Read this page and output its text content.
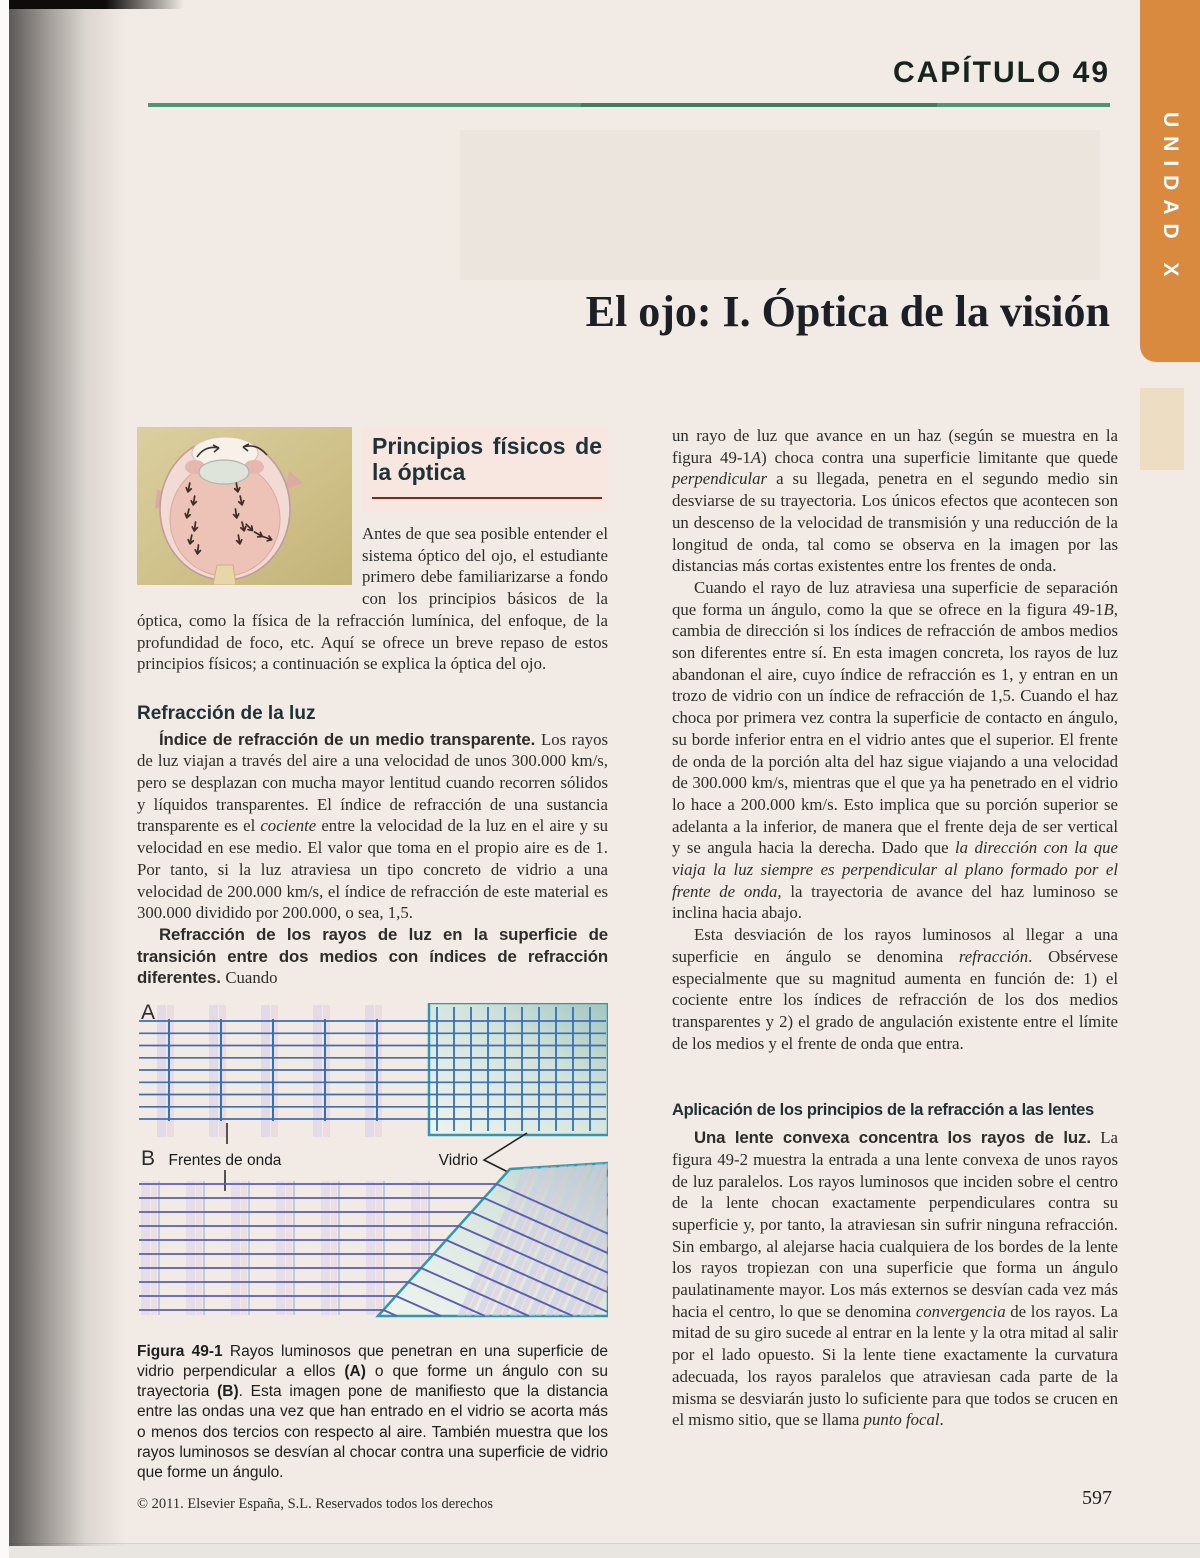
CAPÍTULO 49
El ojo: I. Óptica de la visión
UNIDAD X
Principios físicos de la óptica

Antes de que sea posible entender el sistema óptico del ojo, el estudiante primero debe familiarizarse a fondo con los principios básicos de la óptica, como la física de la refracción lumínica, del enfoque, de la profundidad de foco, etc. Aquí se ofrece un breve repaso de estos principios físicos; a continuación se explica la óptica del ojo.

Refracción de la luz

Índice de refracción de un medio transparente. Los rayos de luz viajan a través del aire a una velocidad de unos 300.000 km/s, pero se desplazan con mucha mayor lentitud cuando recorren sólidos y líquidos transparentes. El índice de refracción de una sustancia transparente es el cociente entre la velocidad de la luz en el aire y su velocidad en ese medio. El valor que toma en el propio aire es de 1. Por tanto, si la luz atraviesa un tipo concreto de vidrio a una velocidad de 200.000 km/s, el índice de refracción de este material es 300.000 dividido por 200.000, o sea, 1,5.

Refracción de los rayos de luz en la superficie de transición entre dos medios con índices de refracción diferentes. Cuando

A
Frentes de onda	Vidrio
B

Figura 49-1 Rayos luminosos que penetran en una superficie de vidrio perpendicular a ellos (A) o que forme un ángulo con su trayectoria (B). Esta imagen pone de manifiesto que la distancia entre las ondas una vez que han entrado en el vidrio se acorta más o menos dos tercios con respecto al aire. También muestra que los rayos luminosos se desvían al chocar contra una superficie de vidrio que forme un ángulo.

un rayo de luz que avance en un haz (según se muestra en la figura 49-1A) choca contra una superficie limitante que quede perpendicular a su llegada, penetra en el segundo medio sin desviarse de su trayectoria. Los únicos efectos que acontecen son un descenso de la velocidad de transmisión y una reducción de la longitud de onda, tal como se observa en la imagen por las distancias más cortas existentes entre los frentes de onda.

Cuando el rayo de luz atraviesa una superficie de separación que forma un ángulo, como la que se ofrece en la figura 49-1B, cambia de dirección si los índices de refracción de ambos medios son diferentes entre sí. En esta imagen concreta, los rayos de luz abandonan el aire, cuyo índice de refracción es 1, y entran en un trozo de vidrio con un índice de refracción de 1,5. Cuando el haz choca por primera vez contra la superficie de contacto en ángulo, su borde inferior entra en el vidrio antes que el superior. El frente de onda de la porción alta del haz sigue viajando a una velocidad de 300.000 km/s, mientras que el que ya ha penetrado en el vidrio lo hace a 200.000 km/s. Esto implica que su porción superior se adelanta a la inferior, de manera que el frente deja de ser vertical y se angula hacia la derecha. Dado que la dirección con la que viaja la luz siempre es perpendicular al plano formado por el frente de onda, la trayectoria de avance del haz luminoso se inclina hacia abajo.

Esta desviación de los rayos luminosos al llegar a una superficie en ángulo se denomina refracción. Obsérvese especialmente que su magnitud aumenta en función de: 1) el cociente entre los índices de refracción de los dos medios transparentes y 2) el grado de angulación existente entre el límite de los medios y el frente de onda que entra.

Aplicación de los principios de la refracción a las lentes

Una lente convexa concentra los rayos de luz. La figura 49-2 muestra la entrada a una lente convexa de unos rayos de luz paralelos. Los rayos luminosos que inciden sobre el centro de la lente chocan exactamente perpendiculares contra su superficie y, por tanto, la atraviesan sin sufrir ninguna refracción. Sin embargo, al alejarse hacia cualquiera de los bordes de la lente los rayos tropiezan con una superficie que forma un ángulo paulatinamente mayor. Los más externos se desvían cada vez más hacia el centro, lo que se denomina convergencia de los rayos. La mitad de su giro sucede al entrar en la lente y la otra mitad al salir por el lado opuesto. Si la lente tiene exactamente la curvatura adecuada, los rayos paralelos que atraviesan cada parte de la misma se desviarán justo lo suficiente para que todos se crucen en el mismo sitio, que se llama punto focal.

© 2011. Elsevier España, S.L. Reservados todos los derechos	597
